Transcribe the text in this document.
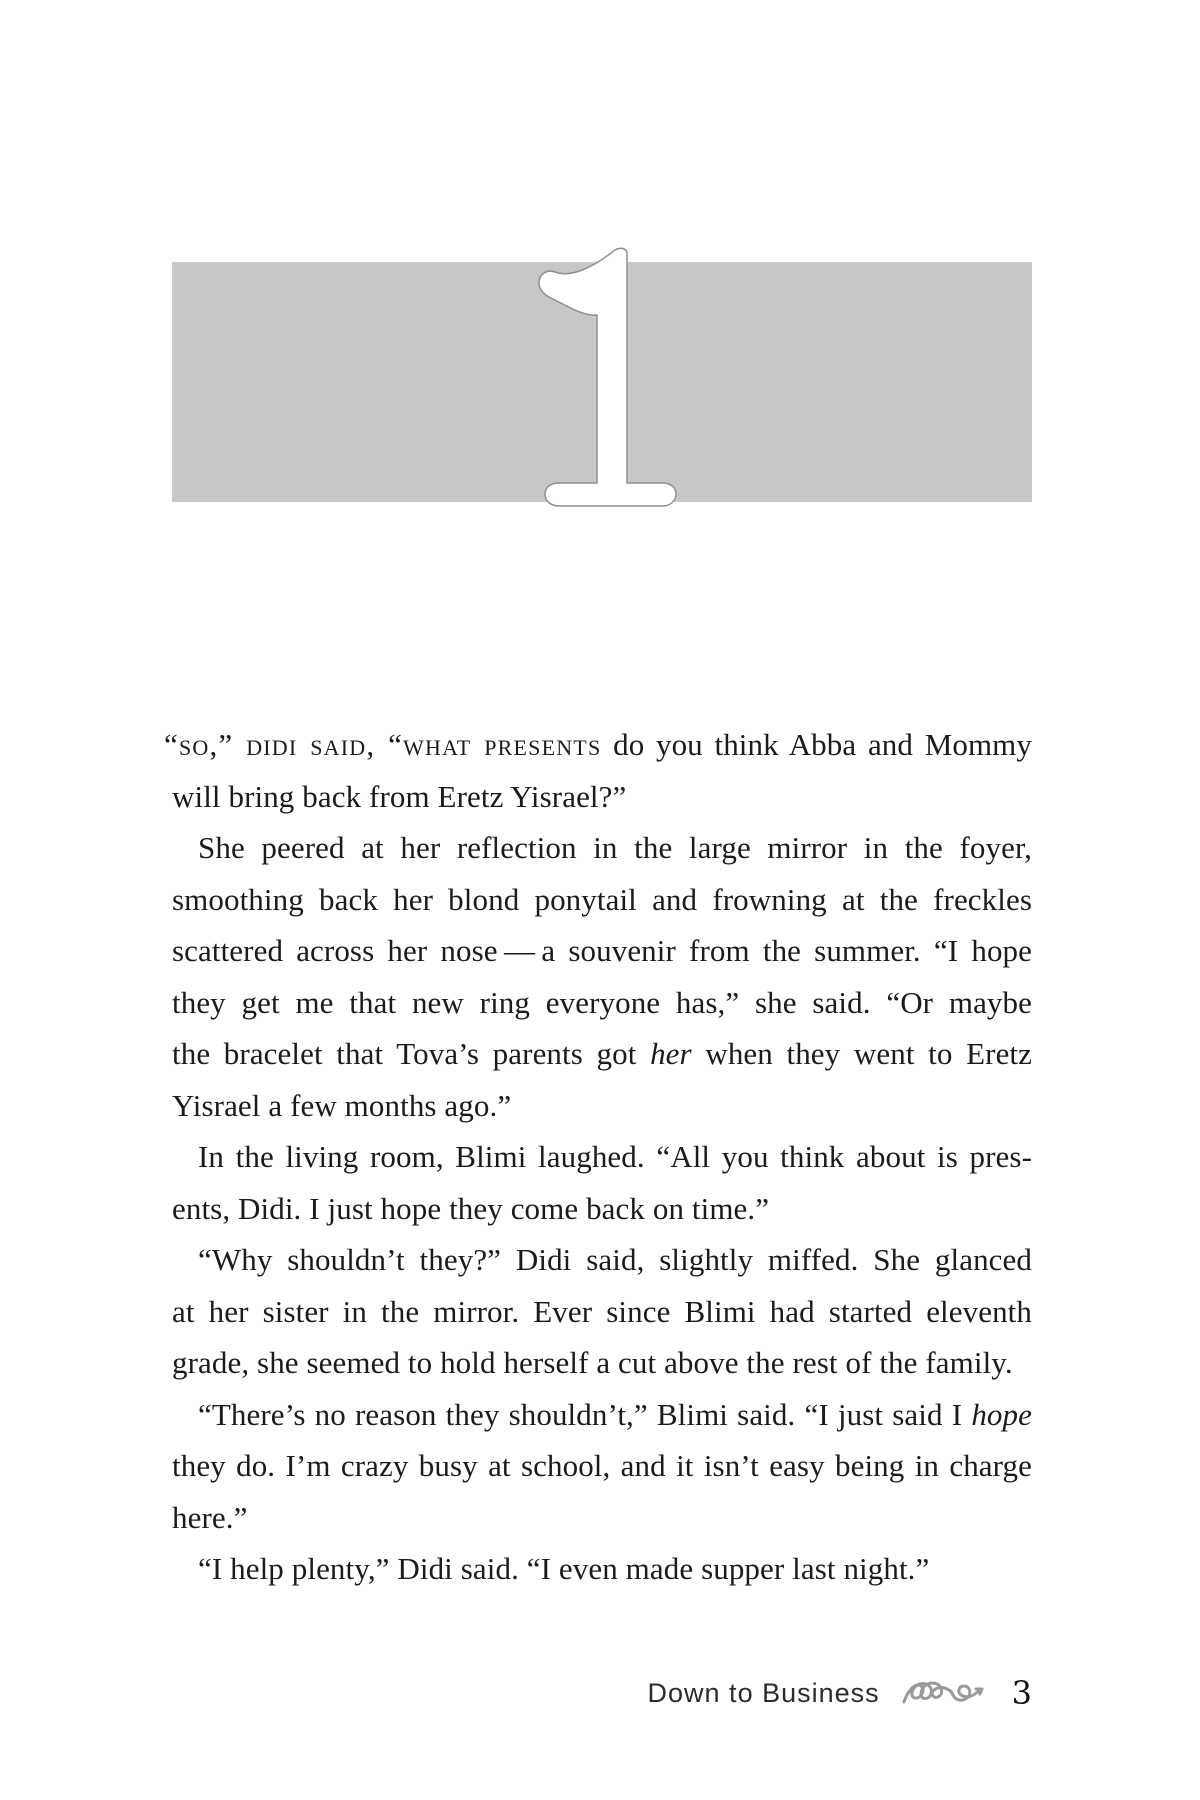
“so,” didi said, “what presents do you think Abba and Mommy
will bring back from Eretz Yisrael?”
She peered at her reflection in the large mirror in the foyer,
smoothing back her blond ponytail and frowning at the freckles
scattered across her nose — a souvenir from the summer. “I hope
they get me that new ring everyone has,” she said. “Or maybe
the bracelet that Tova’s parents got her when they went to Eretz
Yisrael a few months ago.”
In the living room, Blimi laughed. “All you think about is pres-
ents, Didi. I just hope they come back on time.”
“Why shouldn’t they?” Didi said, slightly miffed. She glanced
at her sister in the mirror. Ever since Blimi had started eleventh
grade, she seemed to hold herself a cut above the rest of the family.
“There’s no reason they shouldn’t,” Blimi said. “I just said I hope
they do. I’m crazy busy at school, and it isn’t easy being in charge
here.”
“I help plenty,” Didi said. “I even made supper last night.”
Down to Business	3
